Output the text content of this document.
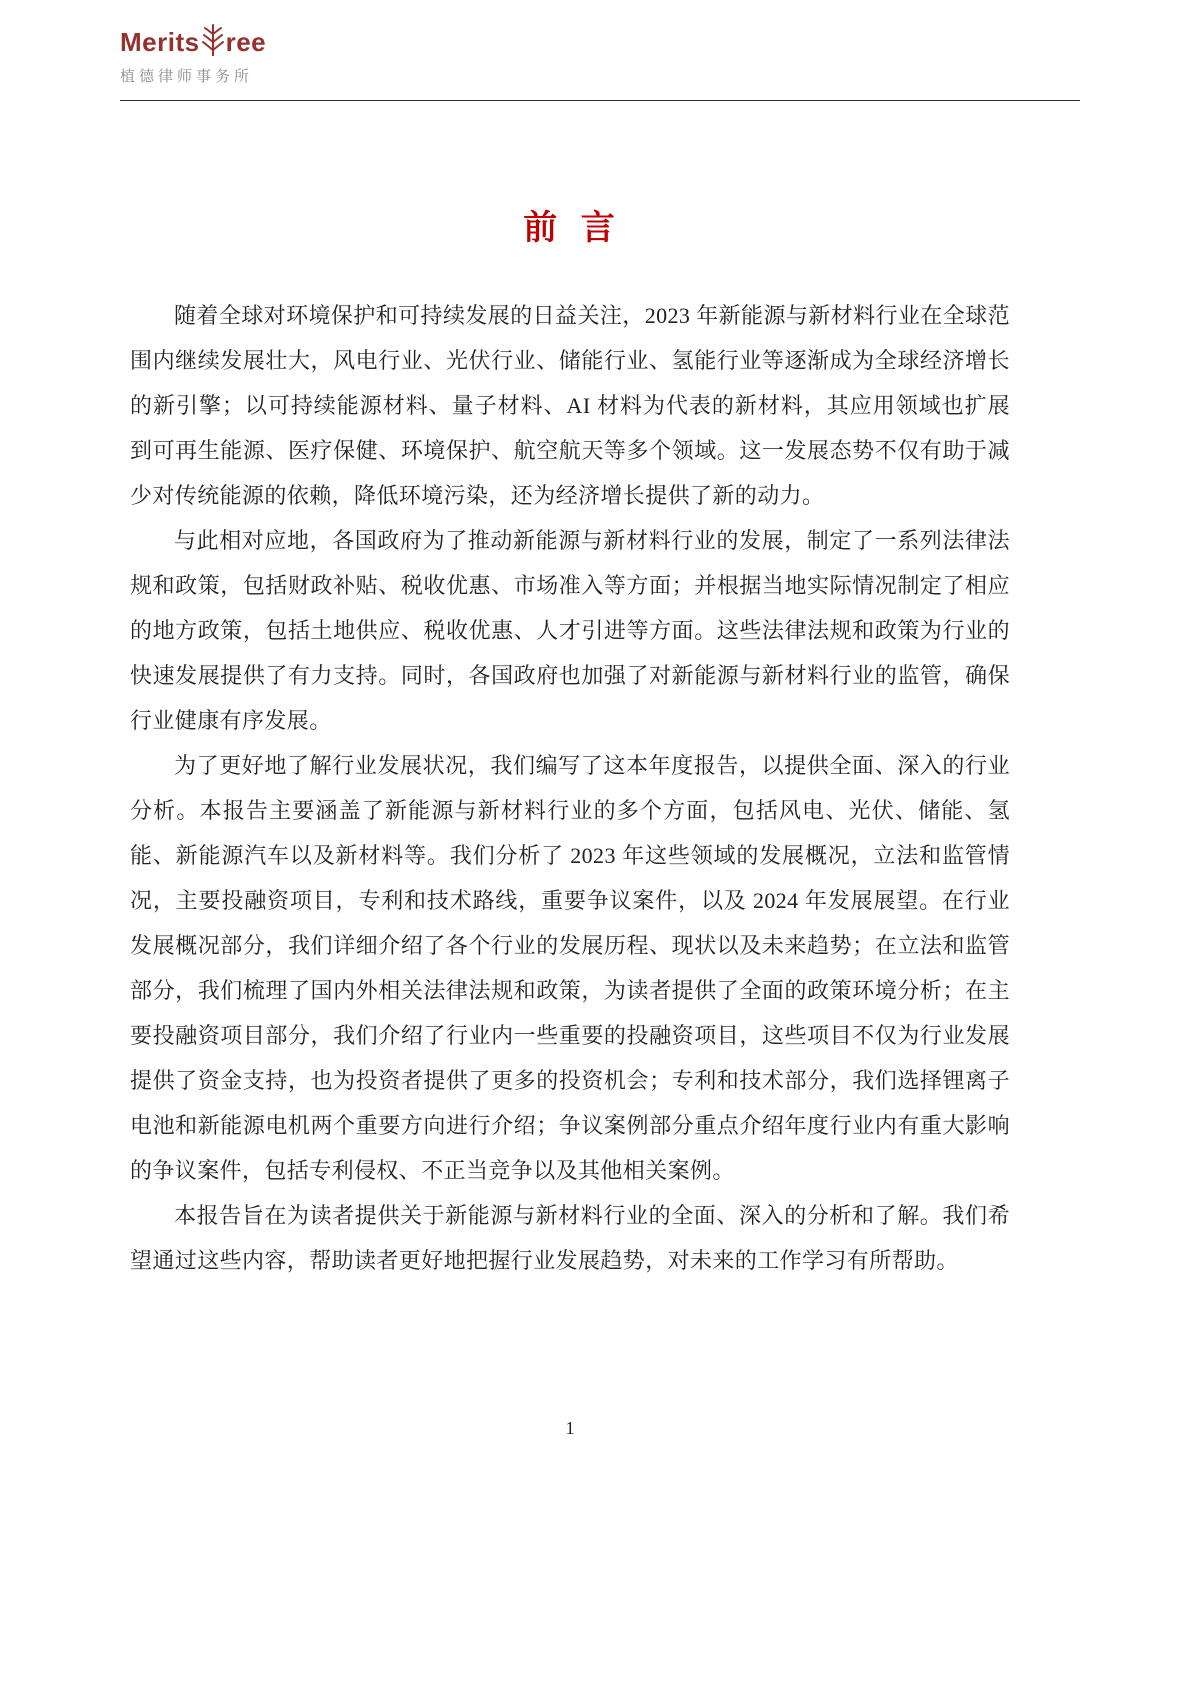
Merits ree
植德律师事务所
前 言

随着全球对环境保护和可持续发展的日益关注，2023 年新能源与新材料行业在全球范围内继续发展壮大，风电行业、光伏行业、储能行业、氢能行业等逐渐成为全球经济增长的新引擎；以可持续能源材料、量子材料、AI 材料为代表的新材料，其应用领域也扩展到可再生能源、医疗保健、环境保护、航空航天等多个领域。这一发展态势不仅有助于减少对传统能源的依赖，降低环境污染，还为经济增长提供了新的动力。

与此相对应地，各国政府为了推动新能源与新材料行业的发展，制定了一系列法律法规和政策，包括财政补贴、税收优惠、市场准入等方面；并根据当地实际情况制定了相应的地方政策，包括土地供应、税收优惠、人才引进等方面。这些法律法规和政策为行业的快速发展提供了有力支持。同时，各国政府也加强了对新能源与新材料行业的监管，确保行业健康有序发展。

为了更好地了解行业发展状况，我们编写了这本年度报告，以提供全面、深入的行业分析。本报告主要涵盖了新能源与新材料行业的多个方面，包括风电、光伏、储能、氢能、新能源汽车以及新材料等。我们分析了 2023 年这些领域的发展概况，立法和监管情况，主要投融资项目，专利和技术路线，重要争议案件，以及 2024 年发展展望。在行业发展概况部分，我们详细介绍了各个行业的发展历程、现状以及未来趋势；在立法和监管部分，我们梳理了国内外相关法律法规和政策，为读者提供了全面的政策环境分析；在主要投融资项目部分，我们介绍了行业内一些重要的投融资项目，这些项目不仅为行业发展提供了资金支持，也为投资者提供了更多的投资机会；专利和技术部分，我们选择锂离子电池和新能源电机两个重要方向进行介绍；争议案例部分重点介绍年度行业内有重大影响的争议案件，包括专利侵权、不正当竞争以及其他相关案例。

本报告旨在为读者提供关于新能源与新材料行业的全面、深入的分析和了解。我们希望通过这些内容，帮助读者更好地把握行业发展趋势，对未来的工作学习有所帮助。

1
